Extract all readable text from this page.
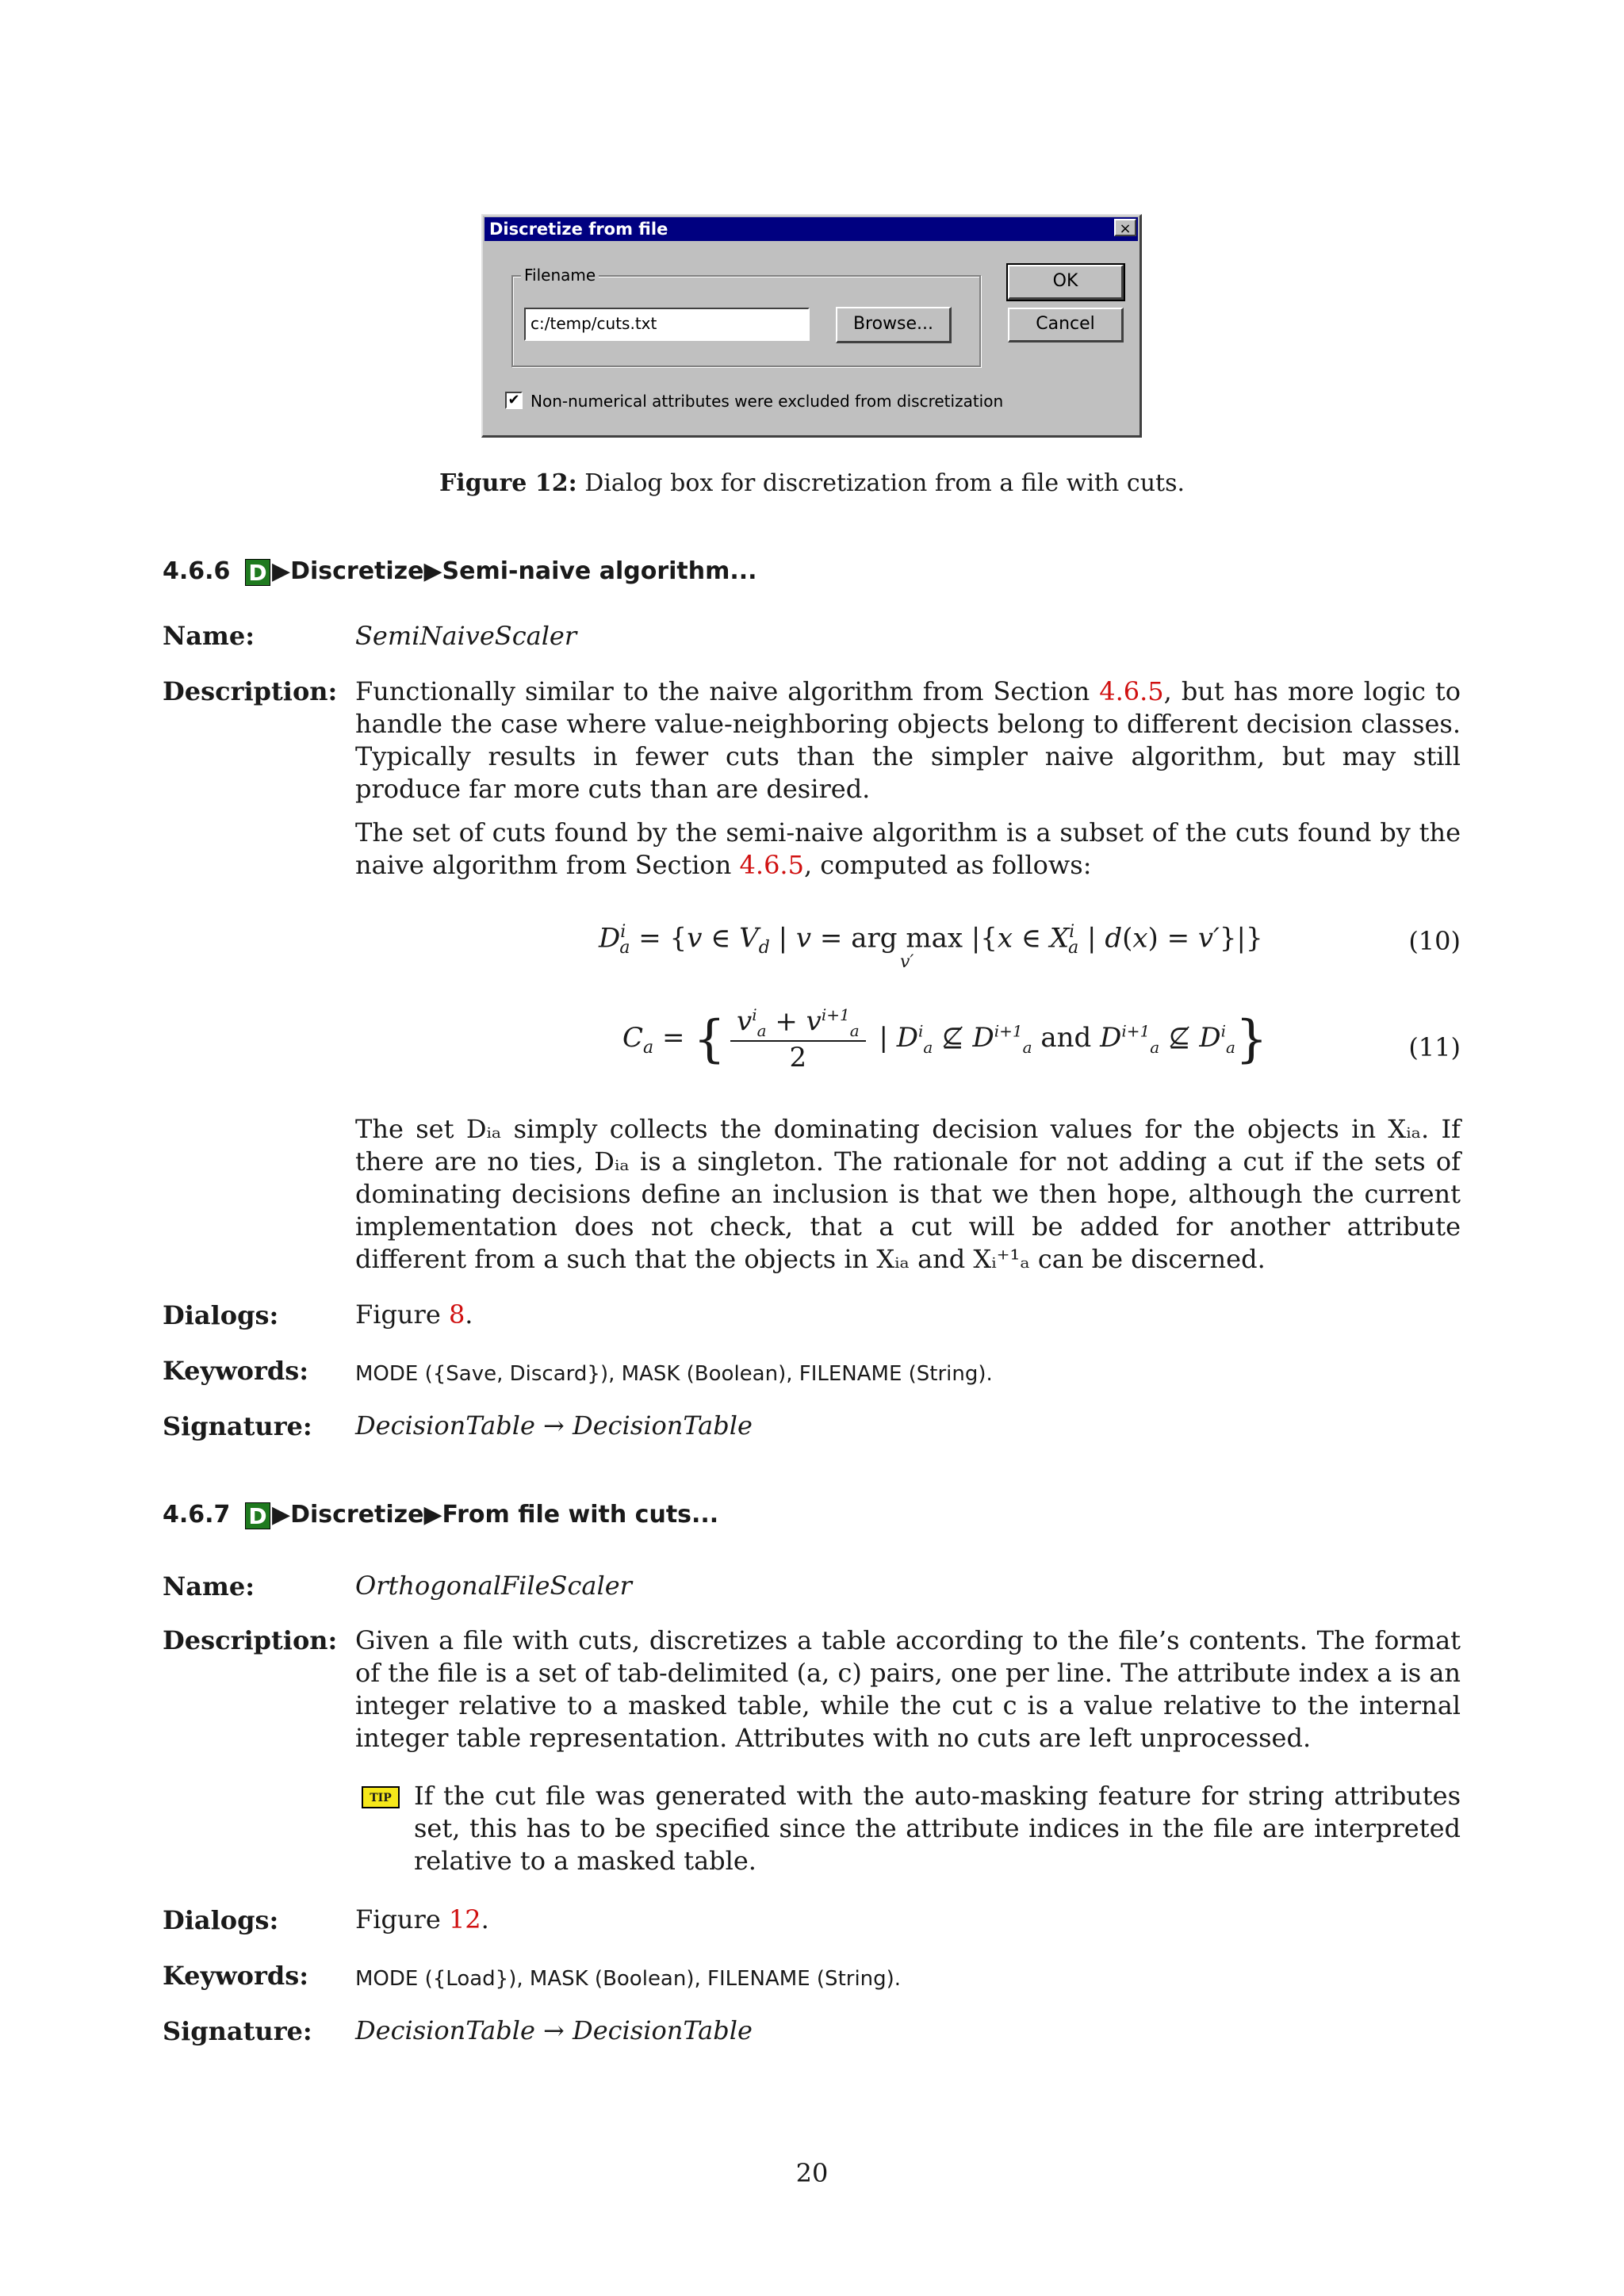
Discretize from file	×
Filename
c:/temp/cuts.txt	Browse...
OK
Cancel
✔ Non-numerical attributes were excluded from discretization
Figure 12: Dialog box for discretization from a file with cuts.
4.6.6 D ▶Discretize▶Semi-naive algorithm...
Name:	SemiNaiveScaler
Description: Functionally similar to the naive algorithm from Section 4.6.5, but has more logic to handle the case where value-neighboring objects belong to different decision classes. Typically results in fewer cuts than the simpler naive algorithm, but may still produce far more cuts than are desired.
The set of cuts found by the semi-naive algorithm is a subset of the cuts found by the naive algorithm from Section 4.6.5, computed as follows:
$D^i_a = \{v$ ∈ $V_d$ | v = arg max |{x ∈ $X^i_a$ | d(x) = v′}|}
v′
(10)
$C_a$ = { $\frac{v^i_a + v^{i+1}_a}{2}$ | $D^i_a$ ⊈ $D^{i+1}_a$ and $D^{i+1}_a$ ⊈ $D^i_a$}	(11)
The set Dᵢₐ simply collects the dominating decision values for the objects in Xᵢₐ. If there are no ties, Dᵢₐ is a singleton. The rationale for not adding a cut if the sets of dominating decisions define an inclusion is that we then hope, although the current implementation does not check, that a cut will be added for another attribute different from a such that the objects in Xᵢₐ and Xᵢ⁺¹ₐ can be discerned.
Dialogs:	Figure 8.
Keywords: MODE ({Save, Discard}), MASK (Boolean), FILENAME (String).
Signature: DecisionTable → DecisionTable
4.6.7 D ▶Discretize▶From file with cuts...
Name:	OrthogonalFileScaler
Description: Given a file with cuts, discretizes a table according to the file’s contents. The format of the file is a set of tab-delimited (a, c) pairs, one per line. The attribute index a is an integer relative to a masked table, while the cut c is a value relative to the internal integer table representation. Attributes with no cuts are left unprocessed.
TIP If the cut file was generated with the auto-masking feature for string attributes set, this has to be specified since the attribute indices in the file are interpreted relative to a masked table.
Dialogs:	Figure 12.
Keywords: MODE ({Load}), MASK (Boolean), FILENAME (String).
Signature: DecisionTable → DecisionTable
20
